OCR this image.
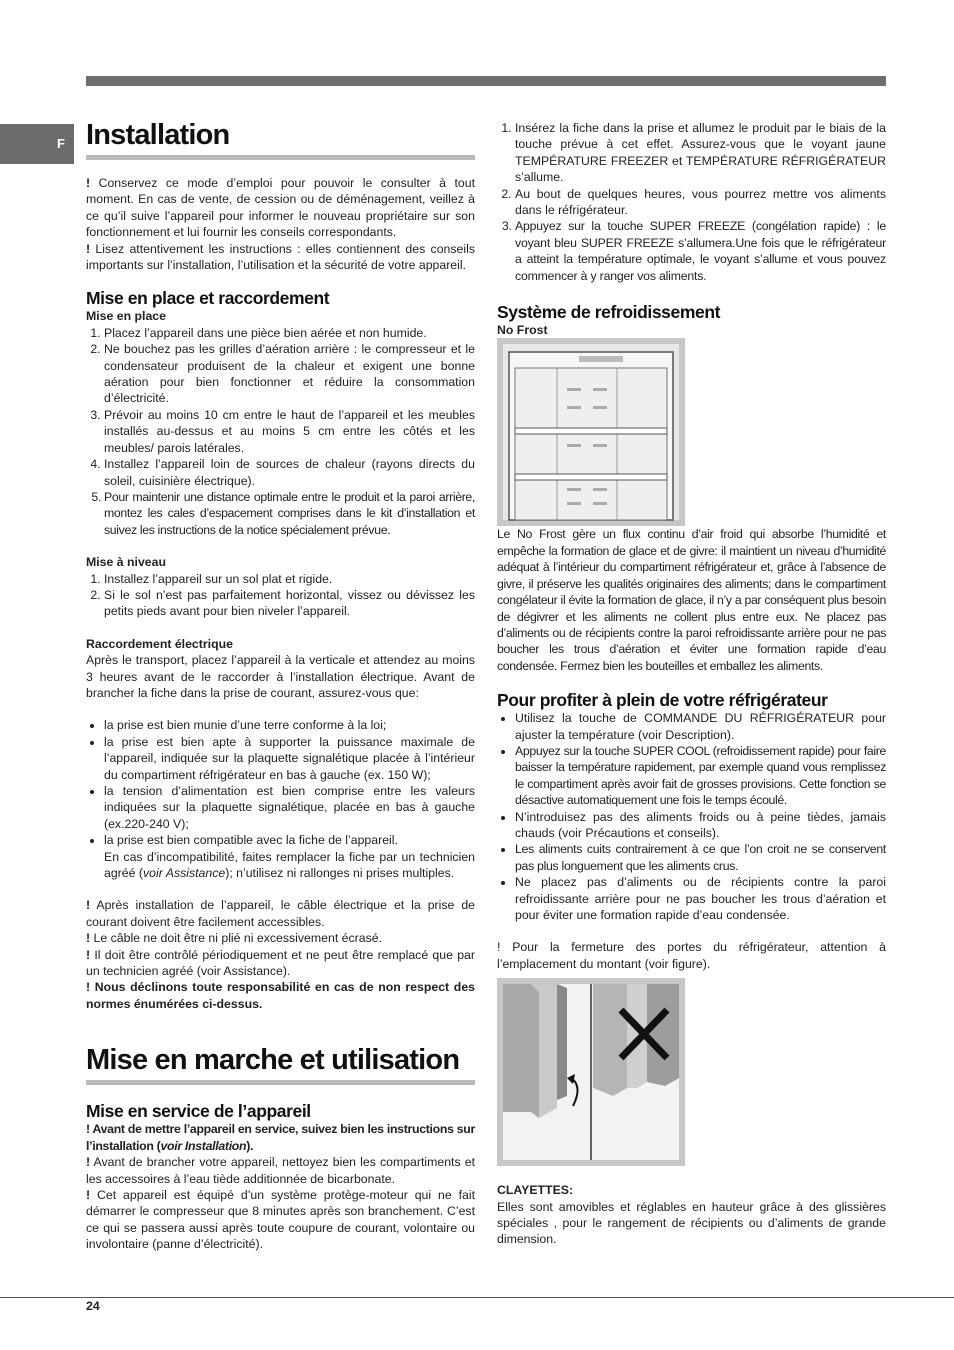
F Installation

! Conservez ce mode d’emploi pour pouvoir le consulter à tout moment. En cas de vente, de cession ou de déménagement, veillez à ce qu’il suive l’appareil pour informer le nouveau propriétaire sur son fonctionnement et lui fournir les conseils correspondants.

! Lisez attentivement les instructions : elles contiennent des conseils importants sur l’installation, l’utilisation et la sécurité de votre appareil.

Mise en place et raccordement
Mise en place
1. Placez l’appareil dans une pièce bien aérée et non humide.
2. Ne bouchez pas les grilles d’aération arrière : le compresseur et le condensateur produisent de la chaleur et exigent une bonne aération pour bien fonctionner et réduire la consommation d’électricité.
3. Prévoir au moins 10 cm entre le haut de l’appareil et les meubles installés au-dessus et au moins 5 cm entre les côtés et les meubles/ parois latérales.
4. Installez l’appareil loin de sources de chaleur (rayons directs du soleil, cuisinière électrique).
5. Pour maintenir une distance optimale entre le produit et la paroi arrière, montez les cales d’espacement comprises dans le kit d’installation et suivez les instructions de la notice spécialement prévue.
Mise à niveau
1. Installez l’appareil sur un sol plat et rigide.
2. Si le sol n’est pas parfaitement horizontal, vissez ou dévissez les petits pieds avant pour bien niveler l’appareil.
Raccordement électrique

Après le transport, placez l’appareil à la verticale et attendez au moins 3 heures avant de le raccorder à l’installation électrique. Avant de brancher la fiche dans la prise de courant, assurez-vous que:

• la prise est bien munie d’une terre conforme à la loi;
• la prise est bien apte à supporter la puissance maximale de l’appareil, indiquée sur la plaquette signalétique placée à l’intérieur du compartiment réfrigérateur en bas à gauche (ex. 150 W);
• la tension d’alimentation est bien comprise entre les valeurs indiquées sur la plaquette signalétique, placée en bas à gauche (ex.220-240 V);
• la prise est bien compatible avec la fiche de l’appareil.
En cas d’incompatibilité, faites remplacer la fiche par un technicien agréé (voir Assistance); n’utilisez ni rallonges ni prises multiples.

! Après installation de l’appareil, le câble électrique et la prise de courant doivent être facilement accessibles.

! Le câble ne doit être ni plié ni excessivement écrasé.

! Il doit être contrôlé périodiquement et ne peut être remplacé que par un technicien agréé (voir Assistance).

! Nous déclinons toute responsabilité en cas de non respect des normes énumérées ci-dessus.

Mise en marche et utilisation
Mise en service de l’appareil

! Avant de mettre l’appareil en service, suivez bien les instructions sur l’installation (voir Installation).

! Avant de brancher votre appareil, nettoyez bien les compartiments et les accessoires à l’eau tiède additionnée de bicarbonate.

! Cet appareil est équipé d’un système protège-moteur qui ne fait démarrer le compresseur que 8 minutes après son branchement. C’est ce qui se passera aussi après toute coupure de courant, volontaire ou involontaire (panne d’électricité).

1. Insérez la fiche dans la prise et allumez le produit par le biais de la touche prévue à cet effet. Assurez-vous que le voyant jaune TEMPÉRATURE FREEZER et TEMPÉRATURE RÉFRIGÉRATEUR s’allume.
2. Au bout de quelques heures, vous pourrez mettre vos aliments dans le réfrigérateur.
3. Appuyez sur la touche SUPER FREEZE (congélation rapide) : le voyant bleu SUPER FREEZE s’allumera.Une fois que le réfrigérateur a atteint la température optimale, le voyant s’allume et vous pouvez commencer à y ranger vos aliments.
Système de refroidissement
No Frost

Le No Frost gère un flux continu d’air froid qui absorbe l’humidité et empêche la formation de glace et de givre: il maintient un niveau d’humidité adéquat à l’intérieur du compartiment réfrigérateur et, grâce à l’absence de givre, il préserve les qualités originaires des aliments; dans le compartiment congélateur il évite la formation de glace, il n’y a par conséquent plus besoin de dégivrer et les aliments ne collent plus entre eux. Ne placez pas d’aliments ou de récipients contre la paroi refroidissante arrière pour ne pas boucher les trous d’aération et éviter une formation rapide d’eau condensée. Fermez bien les bouteilles et emballez les aliments.

Pour profiter à plein de votre réfrigérateur
• Utilisez la touche de COMMANDE DU RÉFRIGÉRATEUR pour ajuster la température (voir Description).
• Appuyez sur la touche SUPER COOL (refroidissement rapide) pour faire baisser la température rapidement, par exemple quand vous remplissez le compartiment après avoir fait de grosses provisions. Cette fonction se désactive automatiquement une fois le temps écoulé.
• N’introduisez pas des aliments froids ou à peine tièdes, jamais chauds (voir Précautions et conseils).
• Les aliments cuits contrairement à ce que l’on croit ne se conservent pas plus longuement que les aliments crus.
• Ne placez pas d’aliments ou de récipients contre la paroi refroidissante arrière pour ne pas boucher les trous d’aération et pour éviter une formation rapide d’eau condensée.

! Pour la fermeture des portes du réfrigérateur, attention à l’emplacement du montant (voir figure).

CLAYETTES:

Elles sont amovibles et réglables en hauteur grâce à des glissières spéciales , pour le rangement de récipients ou d’aliments de grande dimension.

24
